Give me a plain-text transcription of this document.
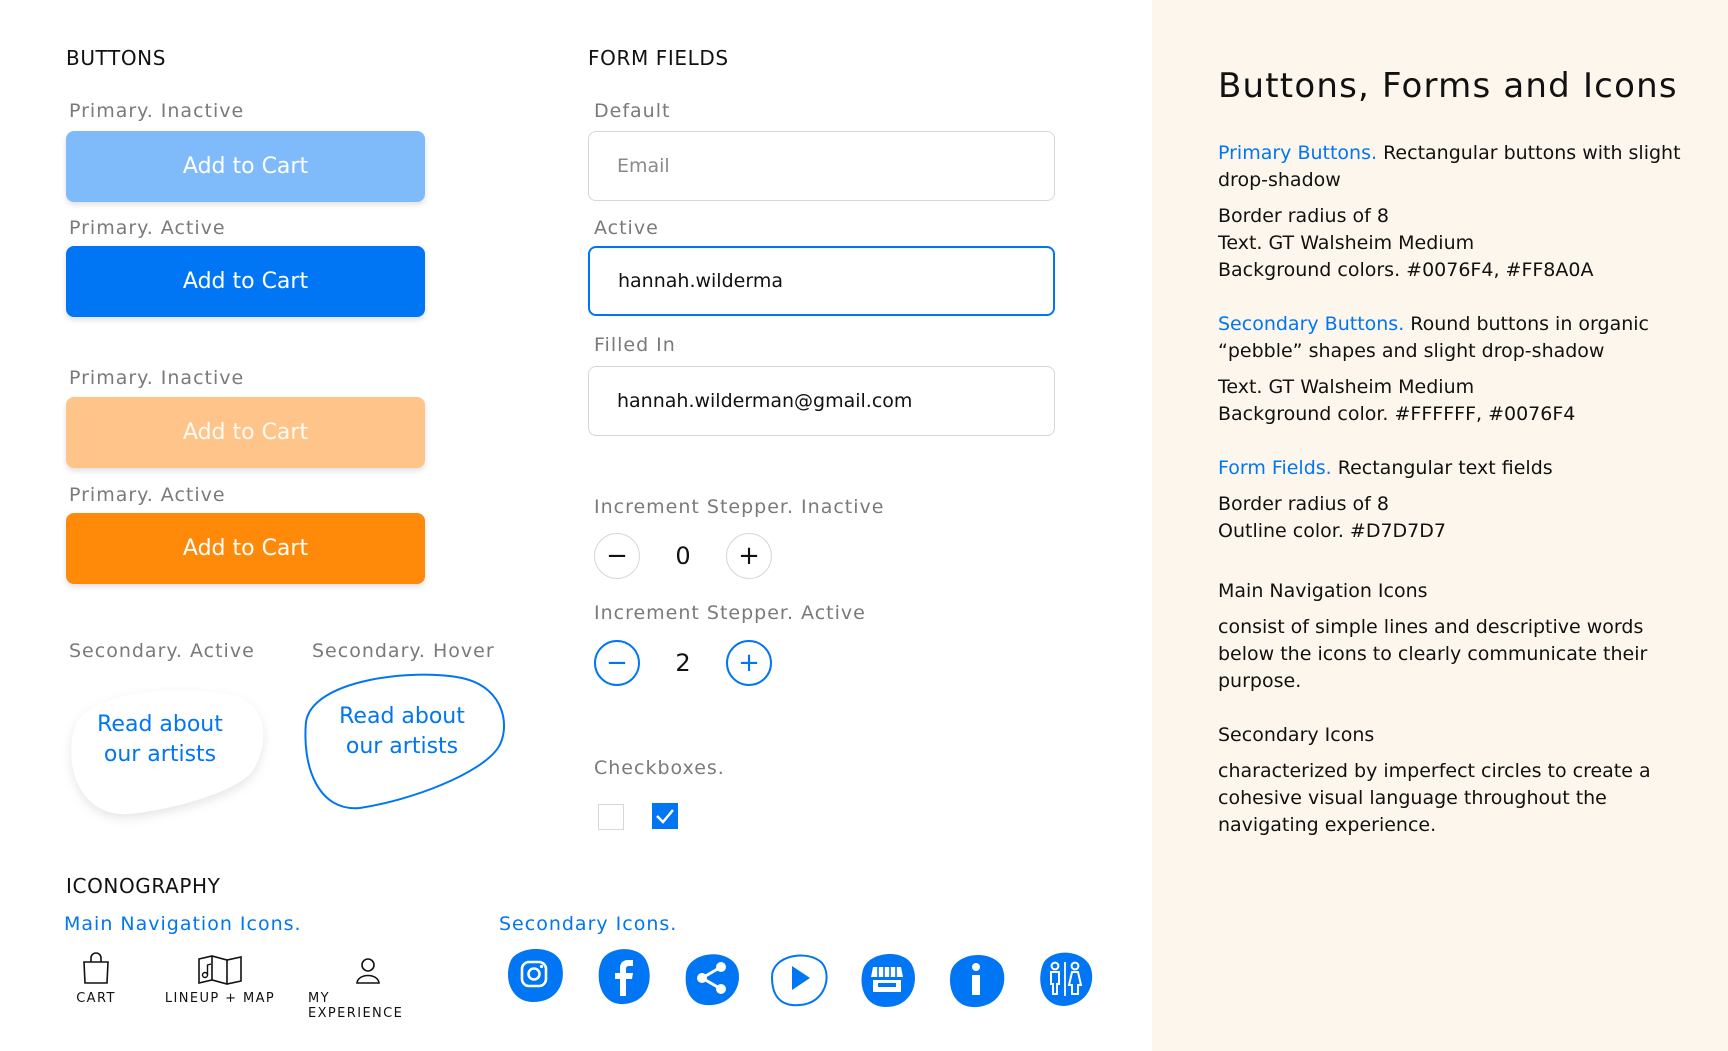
BUTTONS
Primary. Inactive
Add to Cart
Primary. Active
Add to Cart
Primary. Inactive
Add to Cart
Primary. Active
Add to Cart
Secondary. Active
Read about
our artists
Secondary. Hover
Read about
our artists
FORM FIELDS
Default
Email
Active
hannah.wilderma
Filled In
hannah.wilderman@gmail.com
Increment Stepper. Inactive
−	0	+
Increment Stepper. Active
−	2	+
Checkboxes.
ICONOGRAPHY
Main Navigation Icons.
CART	LINEUP + MAP	MY EXPERIENCE
Secondary Icons.
Buttons, Forms and Icons
Primary Buttons. Rectangular buttons with slight drop-shadow
Border radius of 8
Text. GT Walsheim Medium
Background colors. #0076F4, #FF8A0A
Secondary Buttons. Round buttons in organic “pebble” shapes and slight drop-shadow
Text. GT Walsheim Medium
Background color. #FFFFFF, #0076F4
Form Fields. Rectangular text fields
Border radius of 8
Outline color. #D7D7D7
Main Navigation Icons
consist of simple lines and descriptive words below the icons to clearly communicate their purpose.
Secondary Icons
characterized by imperfect circles to create a cohesive visual language throughout the navigating experience.
